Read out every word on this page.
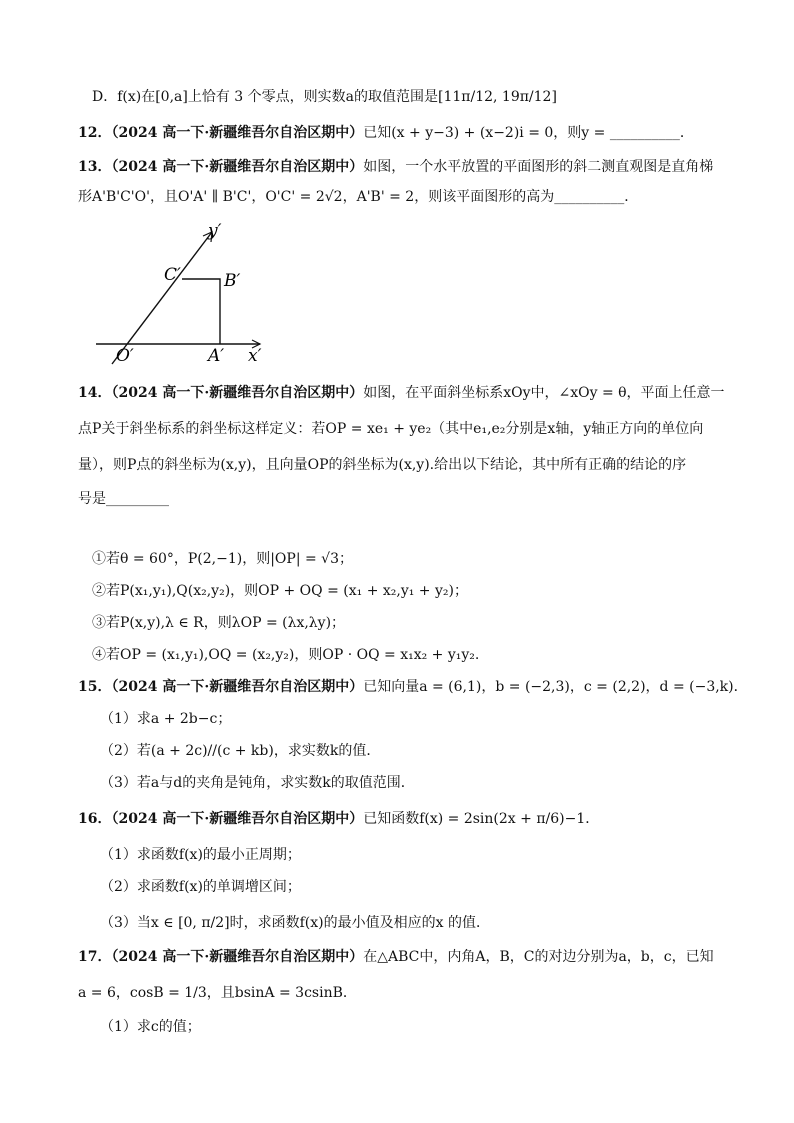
D．f(x)在[0,a]上恰有 3 个零点，则实数a的取值范围是[11π/12, 19π/12]
12．（2024 高一下·新疆维吾尔自治区期中）已知(x + y−3) + (x−2)i = 0，则y = __________．
13．（2024 高一下·新疆维吾尔自治区期中）如图，一个水平放置的平面图形的斜二测直观图是直角梯
形A'B'C'O'，且O'A' ∥ B'C'，O'C' = 2√2，A'B' = 2，则该平面图形的高为__________．
y′
x′
O′	A′
B′
C′
14．（2024 高一下·新疆维吾尔自治区期中）如图，在平面斜坐标系xOy中，∠xOy = θ，平面上任意一
点P关于斜坐标系的斜坐标这样定义：若OP = xe₁ + ye₂（其中e₁,e₂分别是x轴，y轴正方向的单位向
量），则P点的斜坐标为(x,y)，且向量OP的斜坐标为(x,y).给出以下结论，其中所有正确的结论的序
号是_________
①若θ = 60°，P(2,−1)，则|OP| = √3；
②若P(x₁,y₁),Q(x₂,y₂)，则OP + OQ = (x₁ + x₂,y₁ + y₂)；
③若P(x,y),λ ∈ R，则λOP = (λx,λy)；
④若OP = (x₁,y₁),OQ = (x₂,y₂)，则OP · OQ = x₁x₂ + y₁y₂.
15．（2024 高一下·新疆维吾尔自治区期中）已知向量a = (6,1)，b = (−2,3)，c = (2,2)，d = (−3,k)．
（1）求a + 2b−c；
（2）若(a + 2c)//(c + kb)，求实数k的值．
（3）若a与d的夹角是钝角，求实数k的取值范围．
16．（2024 高一下·新疆维吾尔自治区期中）已知函数f(x) = 2sin(2x + π/6)−1．
（1）求函数f(x)的最小正周期；
（2）求函数f(x)的单调增区间；
（3）当x ∈ [0, π/2]时，求函数f(x)的最小值及相应的x 的值．
17．（2024 高一下·新疆维吾尔自治区期中）在△ABC中，内角A，B，C的对边分别为a，b，c，已知
a = 6，cosB = 1/3，且bsinA = 3csinB．
（1）求c的值；
